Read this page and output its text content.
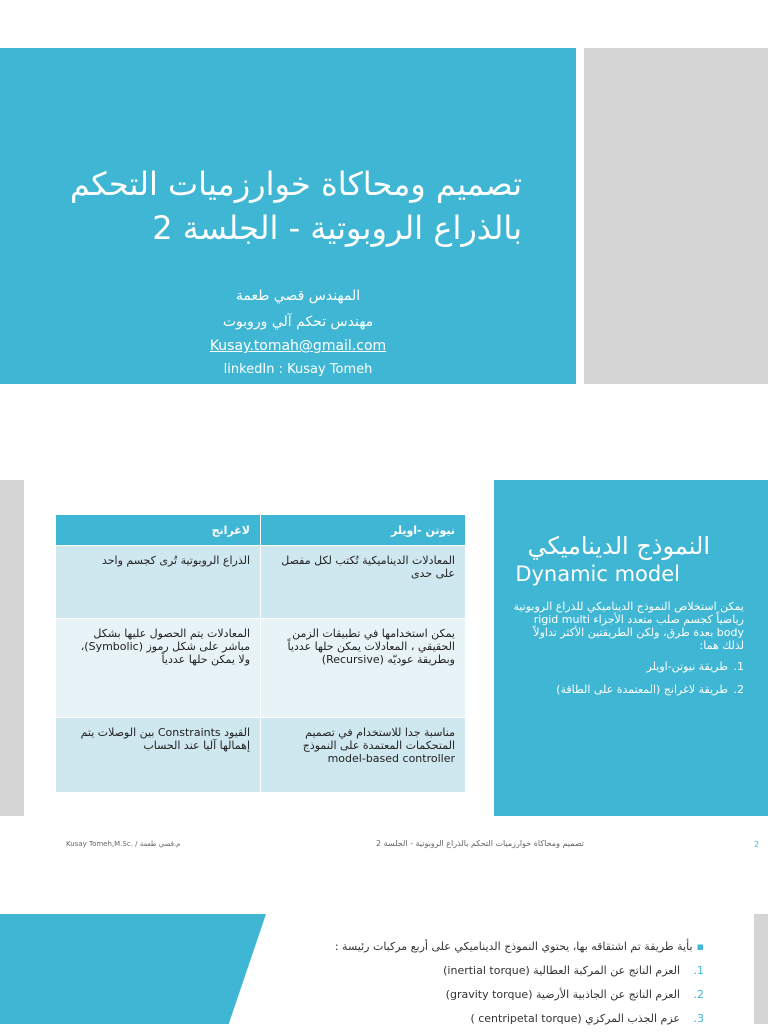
تصميم ومحاكاة خوارزميات التحكم بالذراع الروبوتية - الجلسة 2
المهندس قصي طعمة
مهندس تحكم آلي وروبوت
Kusay.tomah@gmail.com
linkedIn : Kusay Tomeh
النموذج الديناميكي
Dynamic model
يمكن استخلاص النموذج الديناميكي للذراع الروبوتية رياضياً كجسم صلب متعدد الأجزاء rigid multi body بعدة طرق، ولكن الطريقتين الأكثر تداولاً لذلك هما:
1.
طريقة نيوتن-اويلر
2.
طريقة لاغرانج (المعتمدة على الطاقة)
نيوتن -اويلر	لاغرانج
المعادلات الديناميكية تُكتب لكل مفصل على حدى	الذراع الروبوتية تُرى كجسم واحد
يمكن استخدامها في تطبيقات الزمن الحقيقي ، المعادلات يمكن حلها عددياً وبطريقة عوديّه (Recursive)	المعادلات يتم الحصول عليها بشكل مباشر على شكل رموز (Symbolic)، ولا يمكن حلها عددياً
مناسبة جدا للاستخدام في تصميم المتحكمات المعتمدة على النموذج model-based controller	القيود Constraints بين الوصلات يتم إهمالها آليا عند الحساب
Kusay Tomeh,M.Sc. / م.قصي طعمة	تصميم ومحاكاة خوارزميات التحكم بالذراع الروبوتية - الجلسة 2	2
▪بأية طريقة تم اشتقاقه بها، يحتوي النموذج الديناميكي على أربع مركبات رئيسة :
1.
العزم الناتج عن المركبة العطالية (inertial torque)
2.
العزم الناتج عن الجاذبية الأرضية (gravity torque)
3.
عزم الجذب المركزي (centripetal torque )
